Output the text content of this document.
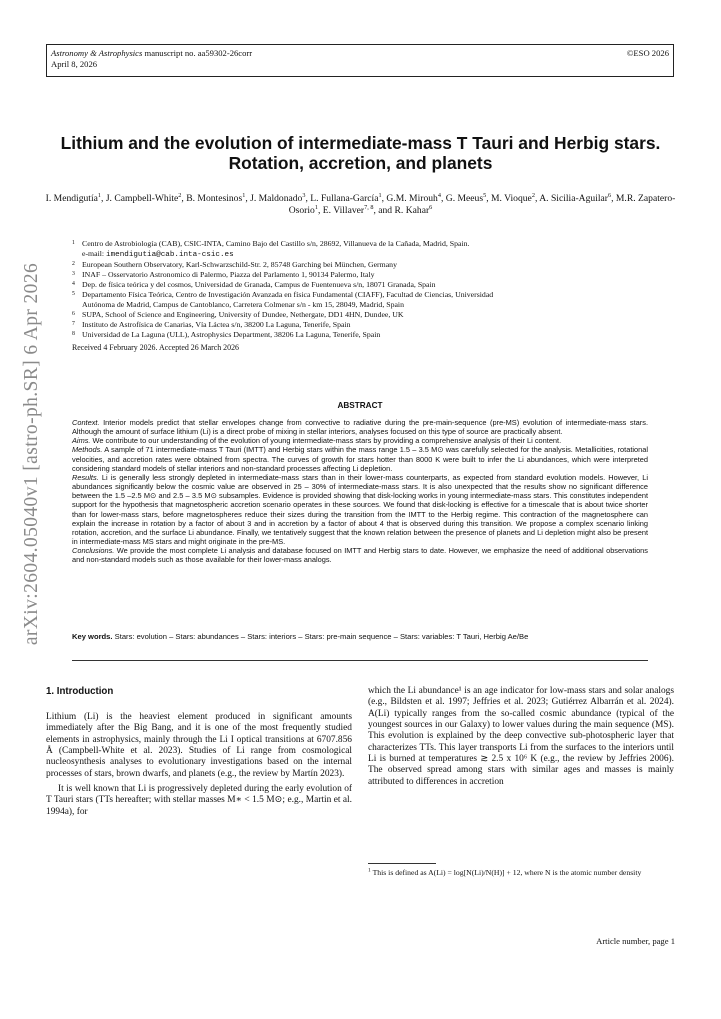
Astronomy & Astrophysics manuscript no. aa59302-26corr
April 8, 2026
©ESO 2026
arXiv:2604.05040v1 [astro-ph.SR] 6 Apr 2026
Lithium and the evolution of intermediate-mass T Tauri and Herbig stars. Rotation, accretion, and planets
I. Mendigutía$^1$, J. Campbell-White$^2$, B. Montesinos$^1$, J. Maldonado$^3$, L. Fullana-García$^1$, G.M. Mirouh$^4$, G. Meeus$^5$, M. Vioque$^2$, A. Sicilia-Aguilar$^6$, M.R. Zapatero-Osorio$^1$, E. Villaver$^{7, 8}$, and R. Kahar$^6$
1 Centro de Astrobiología (CAB), CSIC-INTA, Camino Bajo del Castillo s/n, 28692, Villanueva de la Cañada, Madrid, Spain.
e-mail: imendigutia@cab.inta-csic.es
2 European Southern Observatory, Karl-Schwarzschild-Str. 2, 85748 Garching bei München, Germany
3 INAF – Osservatorio Astronomico di Palermo, Piazza del Parlamento 1, 90134 Palermo, Italy
4 Dep. de física teórica y del cosmos, Universidad de Granada, Campus de Fuentenueva s/n, 18071 Granada, Spain
5 Departamento Física Teórica, Centro de Investigación Avanzada en física Fundamental (CIAFF), Facultad de Ciencias, Universidad
Autónoma de Madrid, Campus de Cantoblanco, Carretera Colmenar s/n - km 15, 28049, Madrid, Spain
6 SUPA, School of Science and Engineering, University of Dundee, Nethergate, DD1 4HN, Dundee, UK
7 Instituto de Astrofísica de Canarias, Vía Láctea s/n, 38200 La Laguna, Tenerife, Spain
8 Universidad de La Laguna (ULL), Astrophysics Department, 38206 La Laguna, Tenerife, Spain
Received 4 February 2026. Accepted 26 March 2026
ABSTRACT

Context. Interior models predict that stellar envelopes change from convective to radiative during the pre-main-sequence (pre-MS) evolution of intermediate-mass stars. Although the amount of surface lithium (Li) is a direct probe of mixing in stellar interiors, analyses focused on this type of source are practically absent.

Aims. We contribute to our understanding of the evolution of young intermediate-mass stars by providing a comprehensive analysis of their Li content.

Methods. A sample of 71 intermediate-mass T Tauri (IMTT) and Herbig stars within the mass range 1.5 – 3.5 M⊙ was carefully selected for the analysis. Metallicities, rotational velocities, and accretion rates were obtained from spectra. The curves of growth for stars hotter than 8000 K were built to infer the Li abundances, which were interpreted considering standard models of stellar interiors and non-standard processes affecting Li depletion.

Results. Li is generally less strongly depleted in intermediate-mass stars than in their lower-mass counterparts, as expected from standard evolution models. However, Li abundances significantly below the cosmic value are observed in 25 – 30% of intermediate-mass stars. It is also unexpected that the results show no significant difference between the 1.5 –2.5 M⊙ and 2.5 – 3.5 M⊙ subsamples. Evidence is provided showing that disk-locking works in young intermediate-mass stars. This constitutes independent support for the hypothesis that magnetospheric accretion scenario operates in these sources. We found that disk-locking is effective for a timescale that is about twice shorter than for lower-mass stars, before magnetospheres reduce their sizes during the transition from the IMTT to the Herbig regime. This contraction of the magnetosphere can explain the increase in rotation by a factor of about 3 and in accretion by a factor of about 4 that is observed during this transition. We propose a complex scenario linking rotation, accretion, and the surface Li abundance. Finally, we tentatively suggest that the known relation between the presence of planets and Li depletion might also be present in intermediate-mass MS stars and might originate in the pre-MS.

Conclusions. We provide the most complete Li analysis and database focused on IMTT and Herbig stars to date. However, we emphasize the need of additional observations and non-standard models such as those available for their lower-mass analogs.

Key words. Stars: evolution – Stars: abundances – Stars: interiors – Stars: pre-main sequence – Stars: variables: T Tauri, Herbig Ae/Be
1. Introduction

Lithium (Li) is the heaviest element produced in significant amounts immediately after the Big Bang, and it is one of the most frequently studied elements in astrophysics, mainly through the Li I optical transitions at 6707.856 Å (Campbell-White et al. 2023). Studies of Li range from cosmological nucleosynthesis analyses to evolutionary investigations based on the internal processes of stars, brown dwarfs, and planets (e.g., the review by Martín 2023).

It is well known that Li is progressively depleted during the early evolution of T Tauri stars (TTs hereafter; with stellar masses M∗ < 1.5 M⊙; e.g., Martin et al. 1994a), for

which the Li abundance¹ is an age indicator for low-mass stars and solar analogs (e.g., Bildsten et al. 1997; Jeffries et al. 2023; Gutiérrez Albarrán et al. 2024). A(Li) typically ranges from the so-called cosmic abundance (typical of the youngest sources in our Galaxy) to lower values during the main sequence (MS). This evolution is explained by the deep convective sub-photospheric layer that characterizes TTs. This layer transports Li from the surfaces to the interiors until Li is burned at temperatures ≳ 2.5 x 10⁶ K (e.g., the review by Jeffries 2006). The observed spread among stars with similar ages and masses is mainly attributed to differences in accretion

$^1$ This is defined as A(Li) = log[N(Li)/N(H)] + 12, where N is the atomic number density
Article number, page 1
